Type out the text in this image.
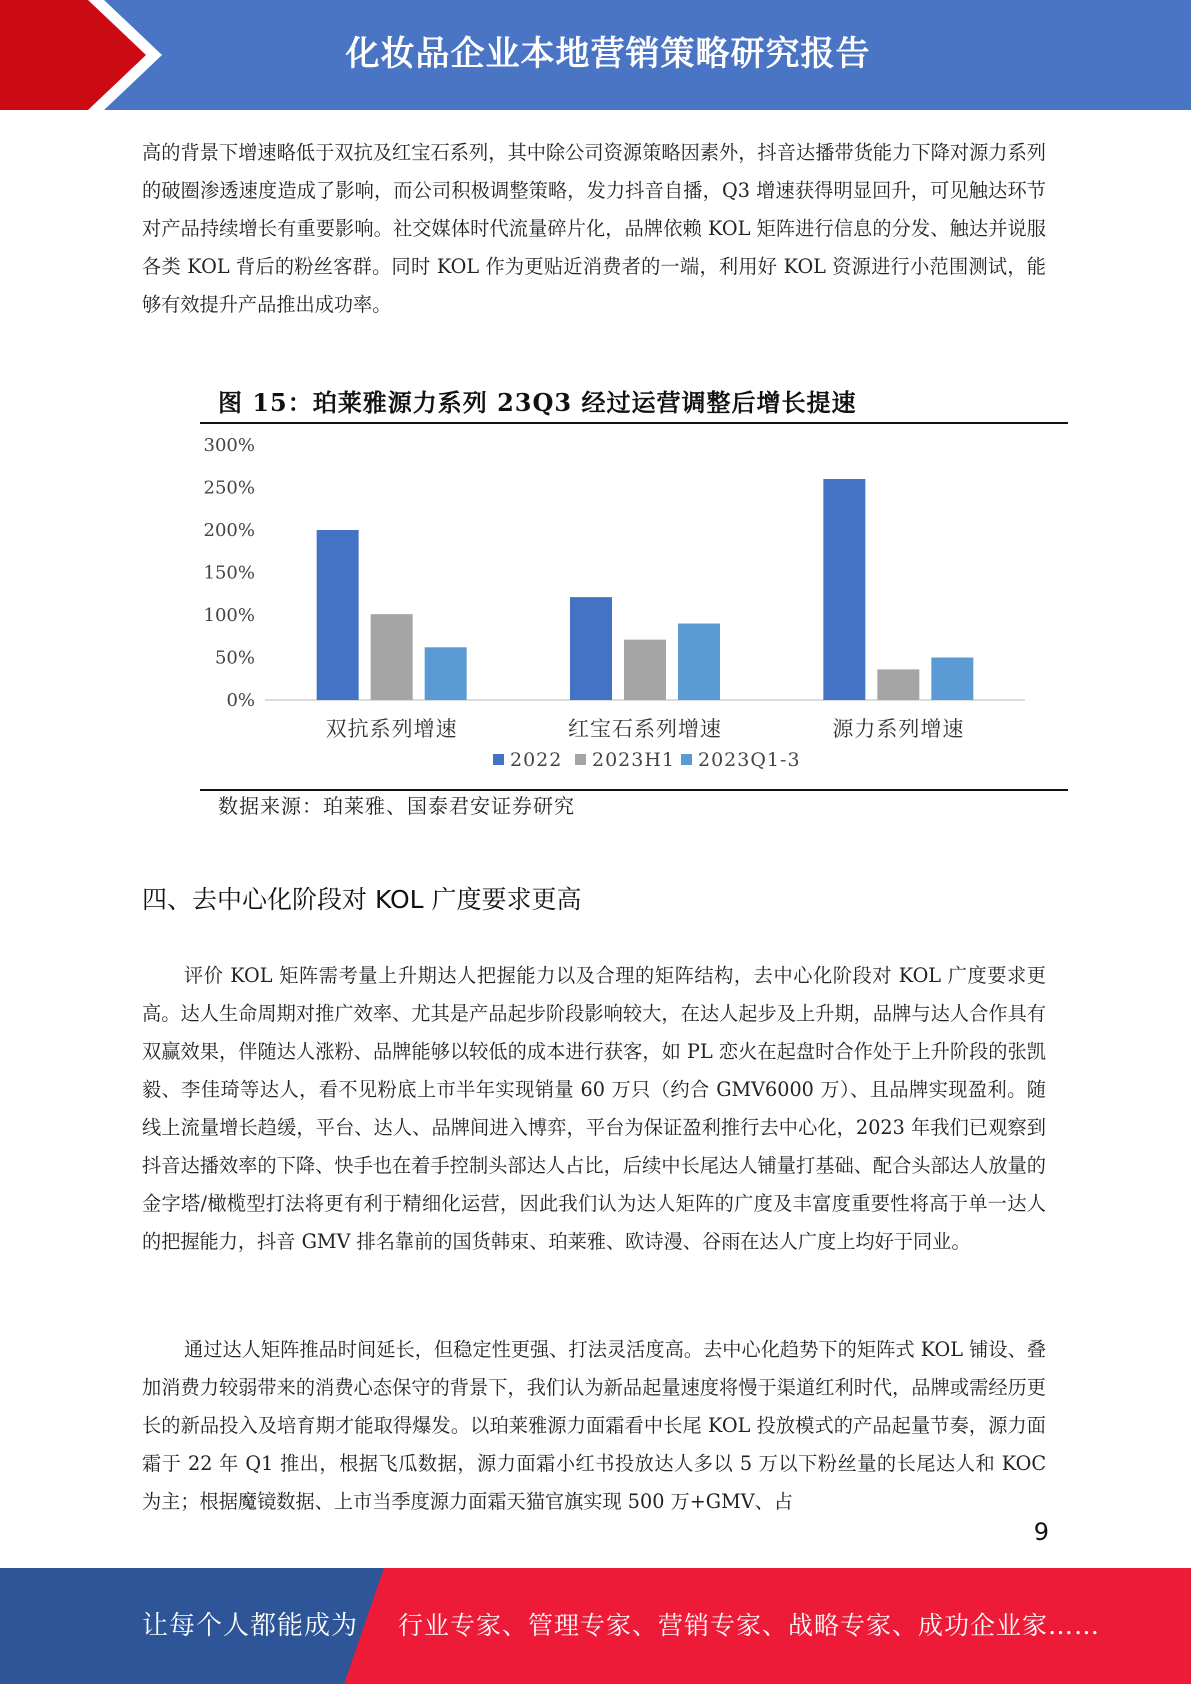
化妆品企业本地营销策略研究报告

高的背景下增速略低于双抗及红宝石系列，其中除公司资源策略因素外，抖音达播带货能力下降对源力系列的破圈渗透速度造成了影响，而公司积极调整策略，发力抖音自播，Q3 增速获得明显回升，可见触达环节对产品持续增长有重要影响。社交媒体时代流量碎片化，品牌依赖 KOL 矩阵进行信息的分发、触达并说服各类 KOL 背后的粉丝客群。同时 KOL 作为更贴近消费者的一端，利用好 KOL 资源进行小范围测试，能够有效提升产品推出成功率。

图 15：珀莱雅源力系列 23Q3 经过运营调整后增长提速
0%
50%
100%
150%
200%
250%
300%
双抗系列增速	红宝石系列增速	源力系列增速
2022 2023H1 2023Q1-3
数据来源：珀莱雅、国泰君安证券研究
四、去中心化阶段对 KOL 广度要求更高

评价 KOL 矩阵需考量上升期达人把握能力以及合理的矩阵结构，去中心化阶段对 KOL 广度要求更高。达人生命周期对推广效率、尤其是产品起步阶段影响较大，在达人起步及上升期，品牌与达人合作具有双赢效果，伴随达人涨粉、品牌能够以较低的成本进行获客，如 PL 恋火在起盘时合作处于上升阶段的张凯毅、李佳琦等达人，看不见粉底上市半年实现销量 60 万只（约合 GMV6000 万）、且品牌实现盈利。随线上流量增长趋缓，平台、达人、品牌间进入博弈，平台为保证盈利推行去中心化，2023 年我们已观察到抖音达播效率的下降、快手也在着手控制头部达人占比，后续中长尾达人铺量打基础、配合头部达人放量的金字塔/橄榄型打法将更有利于精细化运营，因此我们认为达人矩阵的广度及丰富度重要性将高于单一达人的把握能力，抖音 GMV 排名靠前的国货韩束、珀莱雅、欧诗漫、谷雨在达人广度上均好于同业。

通过达人矩阵推品时间延长，但稳定性更强、打法灵活度高。去中心化趋势下的矩阵式 KOL 铺设、叠加消费力较弱带来的消费心态保守的背景下，我们认为新品起量速度将慢于渠道红利时代，品牌或需经历更长的新品投入及培育期才能取得爆发。以珀莱雅源力面霜看中长尾 KOL 投放模式的产品起量节奏，源力面霜于 22 年 Q1 推出，根据飞瓜数据，源力面霜小红书投放达人多以 5 万以下粉丝量的长尾达人和 KOC 为主；根据魔镜数据、上市当季度源力面霜天猫官旗实现 500 万+GMV、占

9
让每个人都能成为 行业专家、管理专家、营销专家、战略专家、成功企业家……
